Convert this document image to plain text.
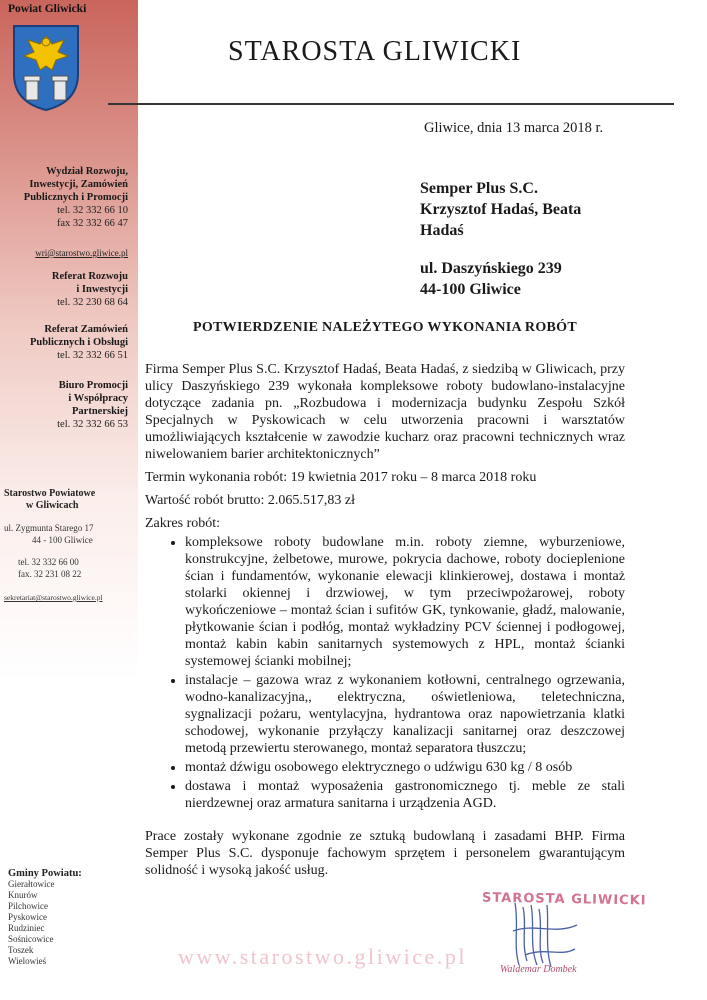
Powiat Gliwicki
Wydział Rozwoju,
Inwestycji, Zamówień
Publicznych i Promocji
tel. 32 332 66 10
fax 32 332 66 47
wri@starostwo.gliwice.pl
Referat Rozwoju
i Inwestycji
tel. 32 230 68 64
Referat Zamówień
Publicznych i Obsługi
tel. 32 332 66 51
Biuro Promocji
i Współpracy
Partnerskiej
tel. 32 332 66 53
Starostwo Powiatowe
w Gliwicach
ul. Zygmunta Starego 17
44 - 100 Gliwice
tel. 32 332 66 00
fax. 32 231 08 22
sekretariat@starostwo.gliwice.pl
Gminy Powiatu:
Gierałtowice
Knurów
Pilchowice
Pyskowice
Rudziniec
Sośnicowice
Toszek
Wielowieś
STAROSTA GLIWICKI
Gliwice, dnia 13 marca 2018 r.
Semper Plus S.C.
Krzysztof Hadaś, Beata
Hadaś
ul. Daszyńskiego 239
44-100 Gliwice
POTWIERDZENIE NALEŻYTEGO WYKONANIA ROBÓT

Firma Semper Plus S.C. Krzysztof Hadaś, Beata Hadaś, z siedzibą w Gliwicach, przy ulicy Daszyńskiego 239 wykonała kompleksowe roboty budowlano-instalacyjne dotyczące zadania pn. „Rozbudowa i modernizacja budynku Zespołu Szkół Specjalnych w Pyskowicach w celu utworzenia pracowni i warsztatów umożliwiających kształcenie w zawodzie kucharz oraz pracowni technicznych wraz niwelowaniem barier architektonicznych”

Termin wykonania robót: 19 kwietnia 2017 roku – 8 marca 2018 roku

Wartość robót brutto: 2.065.517,83 zł

Zakres robót:

• kompleksowe roboty budowlane m.in. roboty ziemne, wyburzeniowe, konstrukcyjne, żelbetowe, murowe, pokrycia dachowe, roboty docieplenione ścian i fundamentów, wykonanie elewacji klinkierowej, dostawa i montaż stolarki okiennej i drzwiowej, w tym przeciwpożarowej, roboty wykończeniowe – montaż ścian i sufitów GK, tynkowanie, gładź, malowanie, płytkowanie ścian i podłóg, montaż wykładziny PCV ściennej i podłogowej, montaż kabin kabin sanitarnych systemowych z HPL, montaż ścianki systemowej ścianki mobilnej;
• instalacje – gazowa wraz z wykonaniem kotłowni, centralnego ogrzewania, wodno-kanalizacyjna,, elektryczna, oświetleniowa, teletechniczna, sygnalizacji pożaru, wentylacyjna, hydrantowa oraz napowietrzania klatki schodowej, wykonanie przyłączy kanalizacji sanitarnej oraz deszczowej metodą przewiertu sterowanego, montaż separatora tłuszczu;
• montaż dźwigu osobowego elektrycznego o udźwigu 630 kg / 8 osób
• dostawa i montaż wyposażenia gastronomicznego tj. meble ze stali nierdzewnej oraz armatura sanitarna i urządzenia AGD.

Prace zostały wykonane zgodnie ze sztuką budowlaną i zasadami BHP. Firma Semper Plus S.C. dysponuje fachowym sprzętem i personelem gwarantującym solidność i wysoką jakość usług.

STAROSTA GLIWICKI
Waldemar Dombek
www.starostwo.gliwice.pl
